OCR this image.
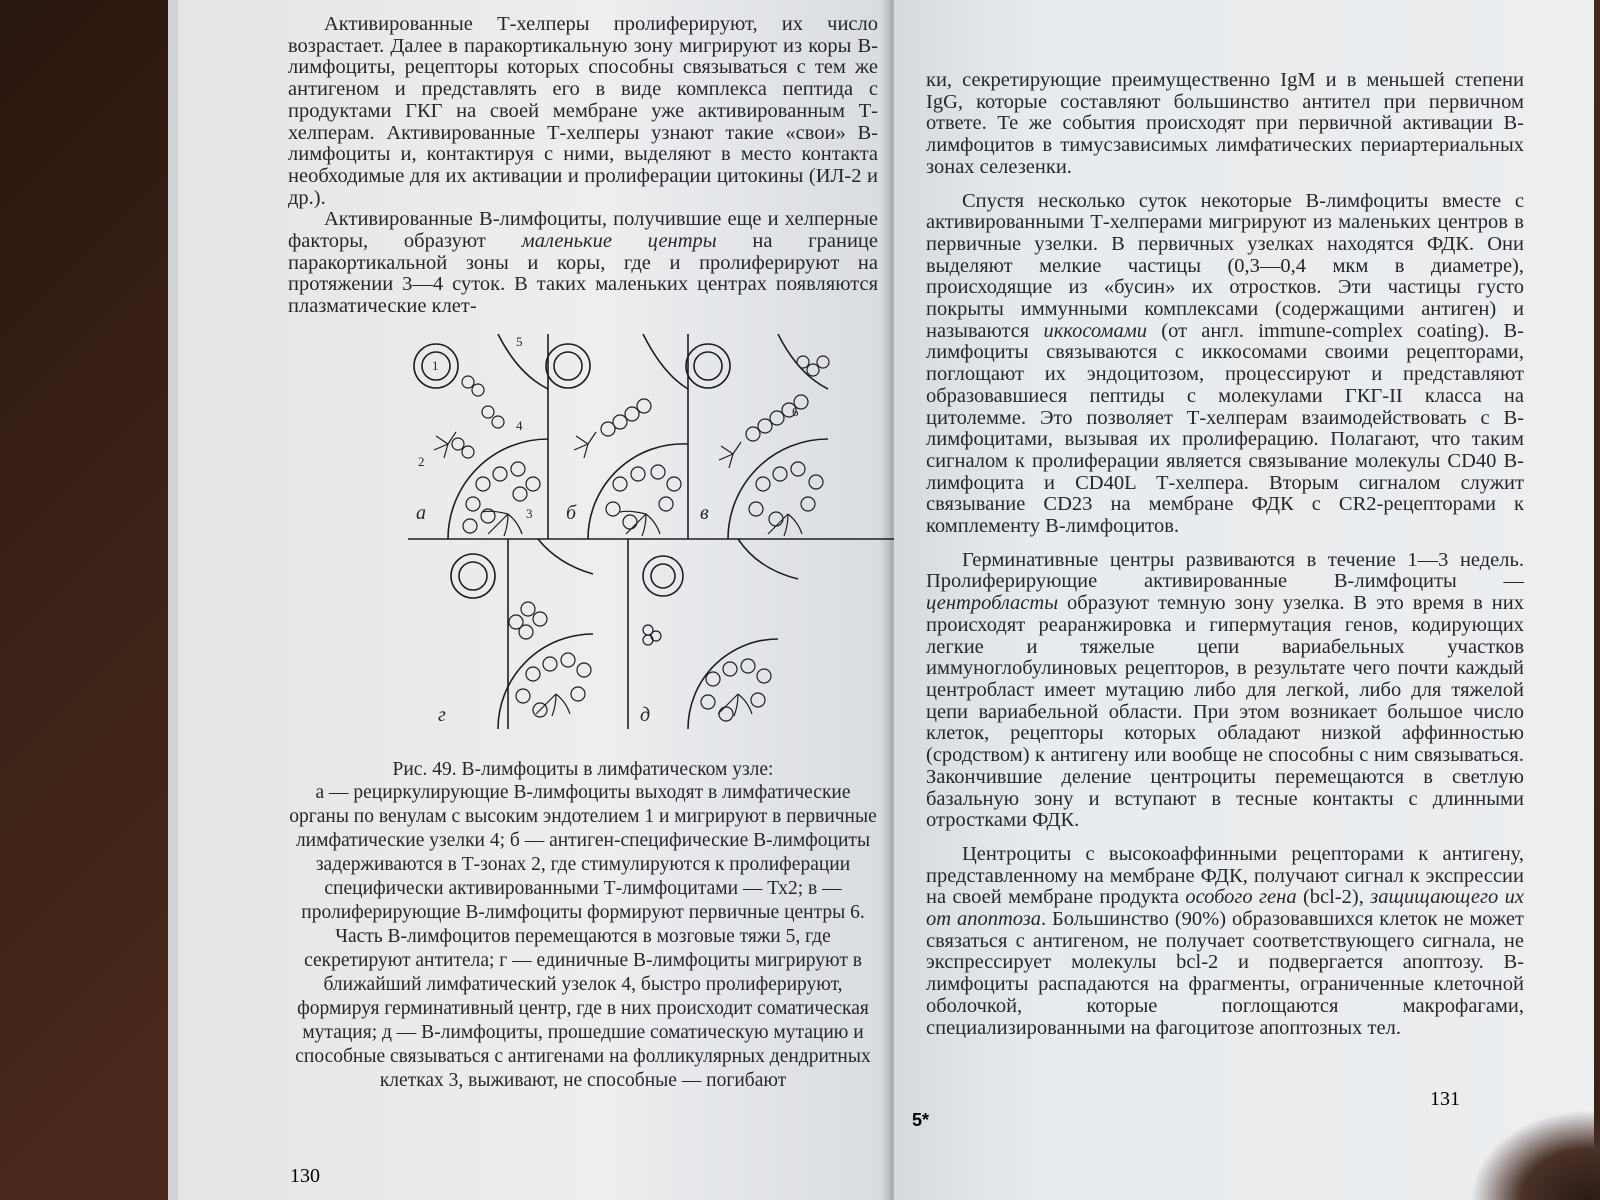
Активированные Т-хелперы пролиферируют, их число возрастает. Далее в паракортикальную зону мигрируют из коры В-лимфоциты, рецепторы которых способны связываться с тем же антигеном и представлять его в виде комплекса пептида с продуктами ГКГ на своей мембране уже активированным Т-хелперам. Активированные Т-хелперы узнают такие «свои» В-лимфоциты и, контактируя с ними, выделяют в место контакта необходимые для их активации и пролиферации цитокины (ИЛ-2 и др.).

Активированные В-лимфоциты, получившие еще и хелперные факторы, образуют маленькие центры на границе паракортикальной зоны и коры, где и пролиферируют на протяжении 3—4 суток. В таких маленьких центрах появляются плазматические клет-

а	б	в
г	д
1
2
3
4
5
6
Рис. 49. В-лимфоциты в лимфатическом узле:
а — рециркулирующие В-лимфоциты выходят в лимфатические органы по венулам с высоким эндотелием 1 и мигрируют в первичные лимфатические узелки 4; б — антиген-специфические В-лимфоциты задерживаются в Т-зонах 2, где стимулируются к пролиферации специфически активированными Т-лимфоцитами — Тх2; в — пролиферирующие В-лимфоциты формируют первичные центры 6. Часть В-лимфоцитов перемещаются в мозговые тяжи 5, где секретируют антитела; г — единичные В-лимфоциты мигрируют в ближайший лимфатический узелок 4, быстро пролиферируют, формируя герминативный центр, где в них происходит соматическая мутация; д — В-лимфоциты, прошедшие соматическую мутацию и способные связываться с антигенами на фолликулярных дендритных клетках 3, выживают, не способные — погибают
130

ки, секретирующие преимущественно IgM и в меньшей степени IgG, которые составляют большинство антител при первичном ответе. Те же события происходят при первичной активации В-лимфоцитов в тимусзависимых лимфатических периартериальных зонах селезенки.

Спустя несколько суток некоторые В-лимфоциты вместе с активированными Т-хелперами мигрируют из маленьких центров в первичные узелки. В первичных узелках находятся ФДК. Они выделяют мелкие частицы (0,3—0,4 мкм в диаметре), происходящие из «бусин» их отростков. Эти частицы густо покрыты иммунными комплексами (содержащими антиген) и называются иккосомами (от англ. immune-complex coating). В-лимфоциты связываются с иккосомами своими рецепторами, поглощают их эндоцитозом, процессируют и представляют образовавшиеся пептиды с молекулами ГКГ-II класса на цитолемме. Это позволяет Т-хелперам взаимодействовать с В-лимфоцитами, вызывая их пролиферацию. Полагают, что таким сигналом к пролиферации является связывание молекулы CD40 В-лимфоцита и CD40L Т-хелпера. Вторым сигналом служит связывание CD23 на мембране ФДК с CR2-рецепторами к комплементу В-лимфоцитов.

Герминативные центры развиваются в течение 1—3 недель. Пролиферирующие активированные В-лимфоциты — центробласты образуют темную зону узелка. В это время в них происходят реаранжировка и гипермутация генов, кодирующих легкие и тяжелые цепи вариабельных участков иммуноглобулиновых рецепторов, в результате чего почти каждый центробласт имеет мутацию либо для легкой, либо для тяжелой цепи вариабельной области. При этом возникает большое число клеток, рецепторы которых обладают низкой аффинностью (сродством) к антигену или вообще не способны с ним связываться. Закончившие деление центроциты перемещаются в светлую базальную зону и вступают в тесные контакты с длинными отростками ФДК.

Центроциты с высокоаффинными рецепторами к антигену, представленному на мембране ФДК, получают сигнал к экспрессии на своей мембране продукта особого гена (bcl-2), защищающего их от апоптоза. Большинство (90%) образовавшихся клеток не может связаться с антигеном, не получает соответствующего сигнала, не экспрессирует молекулы bcl-2 и подвергается апоптозу. В-лимфоциты распадаются на фрагменты, ограниченные клеточной оболочкой, которые поглощаются макрофагами, специализированными на фагоцитозе апоптозных тел.

131
5*
